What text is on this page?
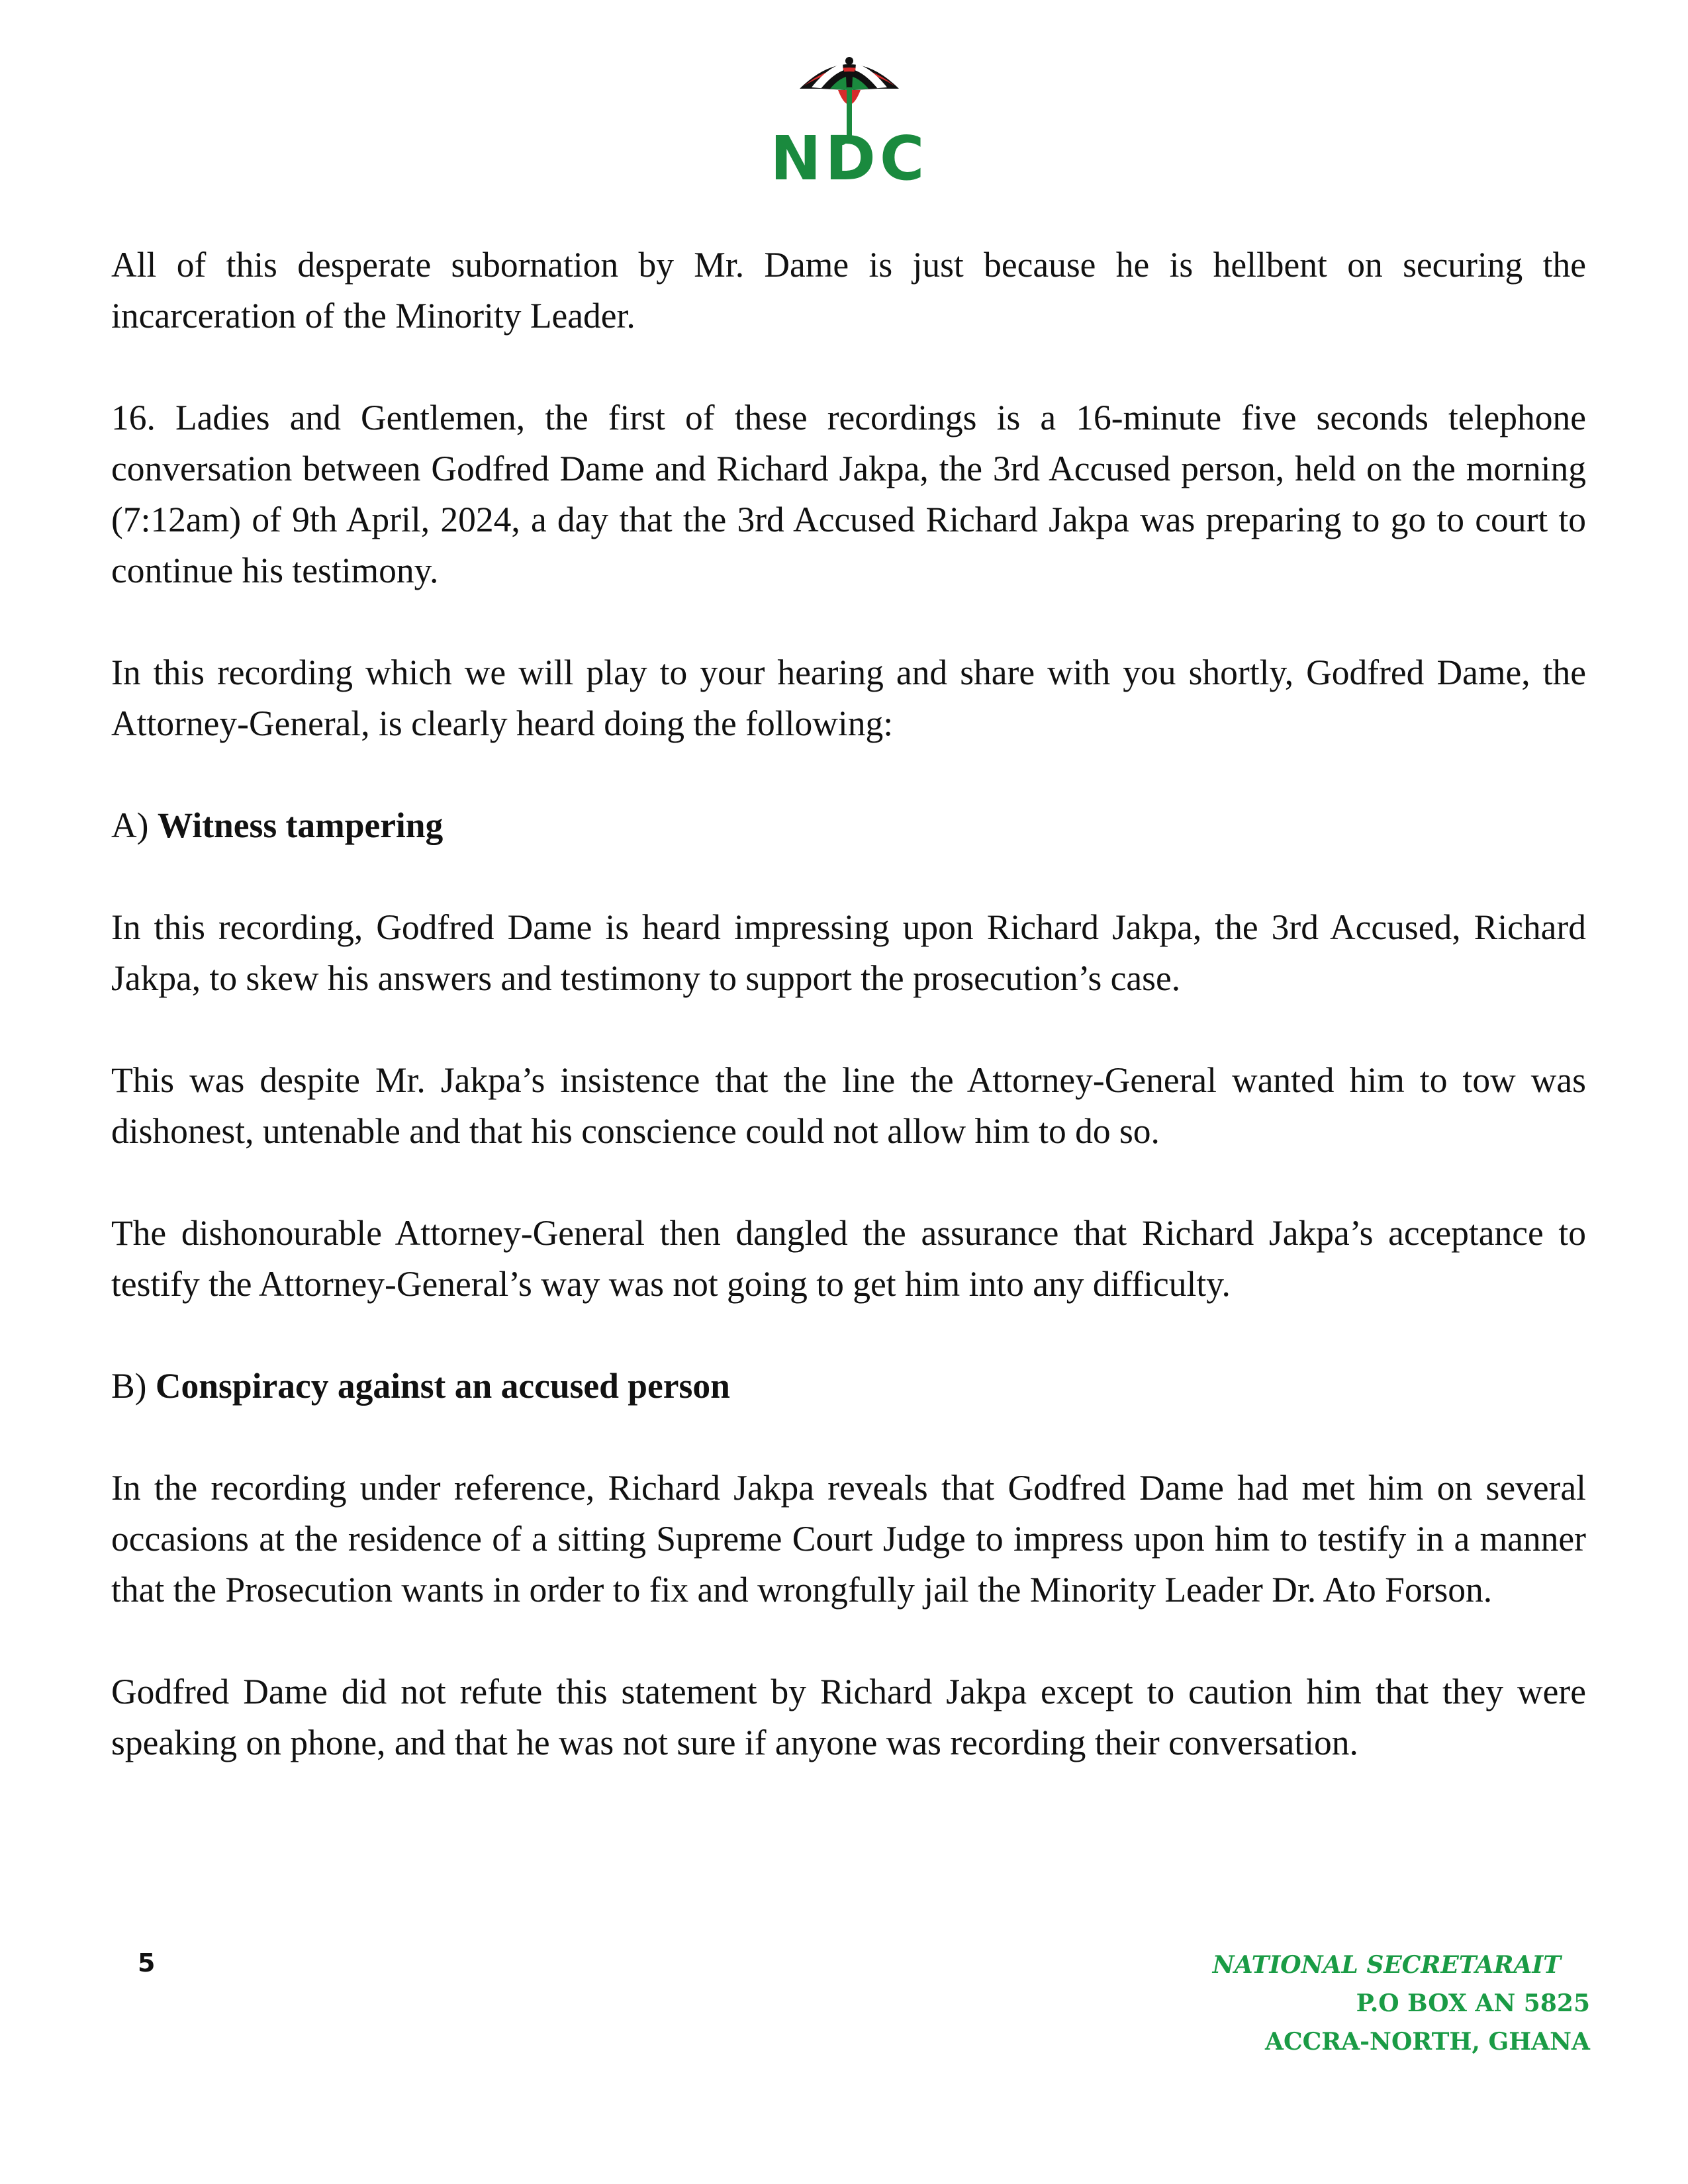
NDC

All of this desperate subornation by Mr. Dame is just because he is hellbent on securing the incarceration of the Minority Leader.

16. Ladies and Gentlemen, the first of these recordings is a 16-minute five seconds telephone conversation between Godfred Dame and Richard Jakpa, the 3rd Accused person, held on the morning (7:12am) of 9th April, 2024, a day that the 3rd Accused Richard Jakpa was preparing to go to court to continue his testimony.

In this recording which we will play to your hearing and share with you shortly, Godfred Dame, the Attorney-General, is clearly heard doing the following:

A) Witness tampering

In this recording, Godfred Dame is heard impressing upon Richard Jakpa, the 3rd Accused, Richard Jakpa, to skew his answers and testimony to support the prosecution’s case.

This was despite Mr. Jakpa’s insistence that the line the Attorney-General wanted him to tow was dishonest, untenable and that his conscience could not allow him to do so.

The dishonourable Attorney-General then dangled the assurance that Richard Jakpa’s acceptance to testify the Attorney-General’s way was not going to get him into any difficulty.

B) Conspiracy against an accused person

In the recording under reference, Richard Jakpa reveals that Godfred Dame had met him on several occasions at the residence of a sitting Supreme Court Judge to impress upon him to testify in a manner that the Prosecution wants in order to fix and wrongfully jail the Minority Leader Dr. Ato Forson.

Godfred Dame did not refute this statement by Richard Jakpa except to caution him that they were speaking on phone, and that he was not sure if anyone was recording their conversation.

5	NATIONAL SECRETARAIT
P.O BOX AN 5825
ACCRA-NORTH, GHANA
